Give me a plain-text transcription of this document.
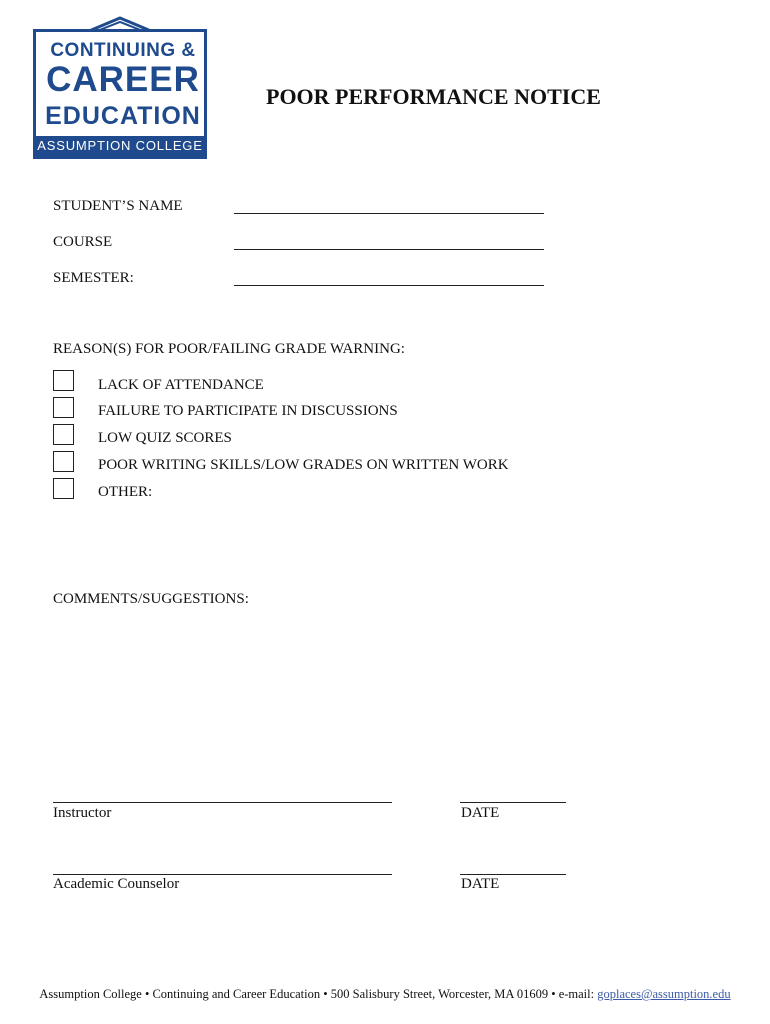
CONTINUING &
CAREER
EDUCATION
ASSUMPTION COLLEGE
POOR PERFORMANCE NOTICE
STUDENT’S NAME
COURSE
SEMESTER:
REASON(S) FOR POOR/FAILING GRADE WARNING:
LACK OF ATTENDANCE
FAILURE TO PARTICIPATE IN DISCUSSIONS
LOW QUIZ SCORES
POOR WRITING SKILLS/LOW GRADES ON WRITTEN WORK
OTHER:
COMMENTS/SUGGESTIONS:
Instructor	DATE
Academic Counselor	DATE
Assumption College • Continuing and Career Education • 500 Salisbury Street, Worcester, MA 01609 • e-mail: goplaces@assumption.edu
